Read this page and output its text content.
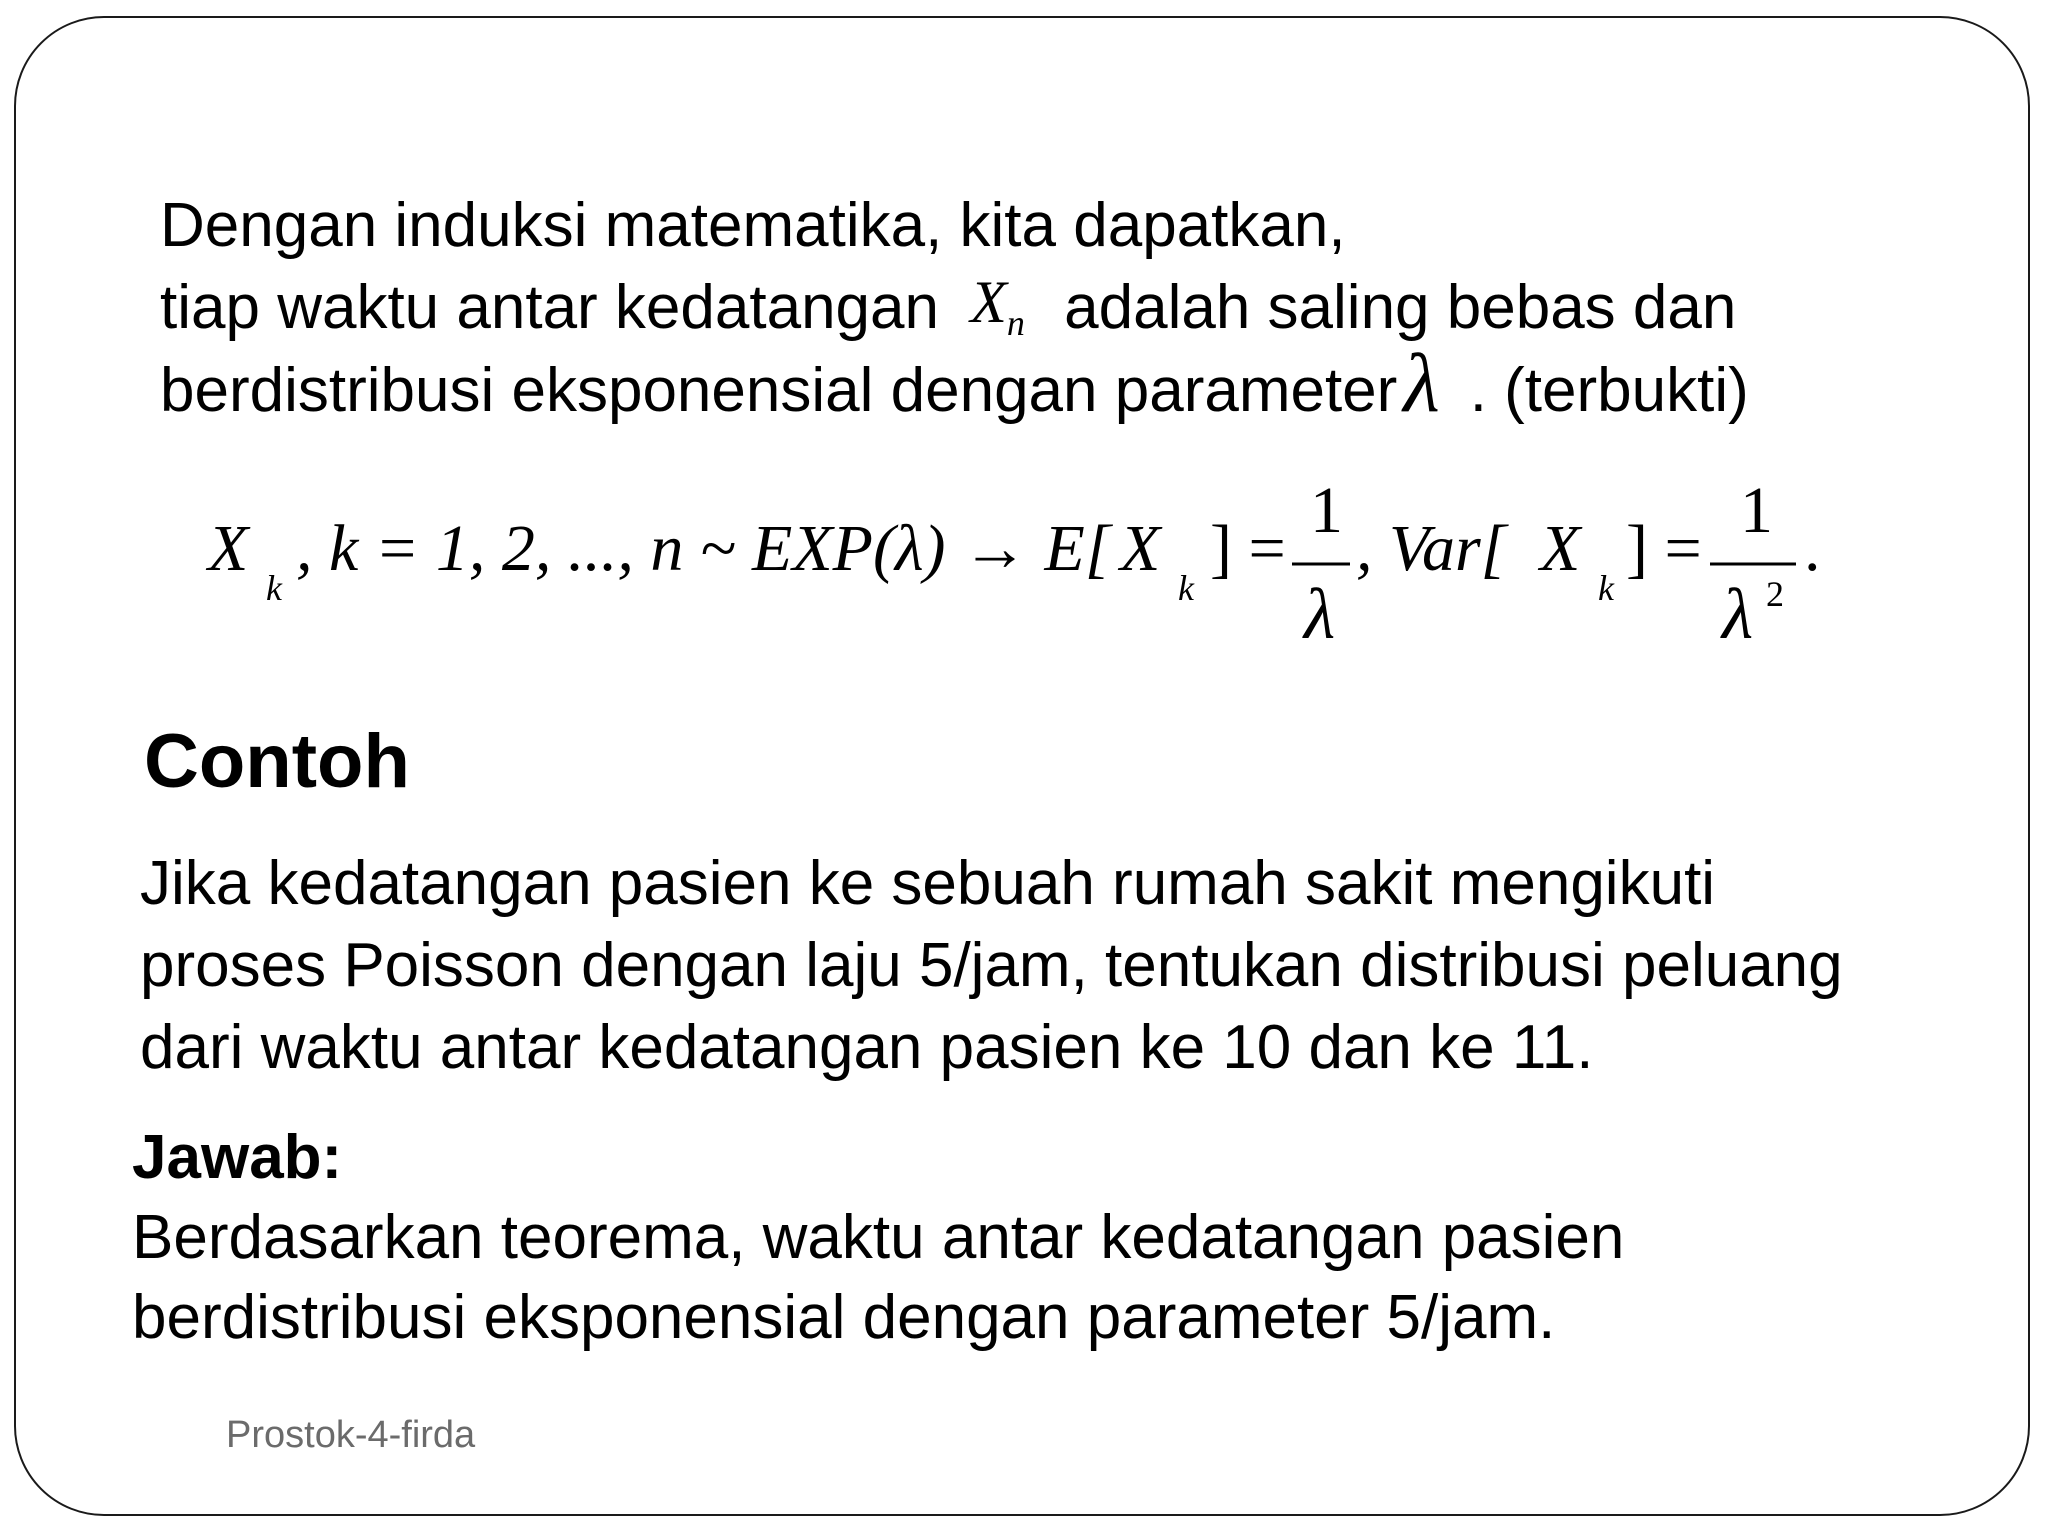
Dengan induksi matematika, kita dapatkan,
tiap waktu antar kedatangan $X_n$ adalah saling bebas dan
berdistribusi eksponensial dengan parameterλ . (terbukti)
X
k
, k = 1, 2, ..., n ~ EXP(λ) → E[ X
k
] =
1
λ
, Var[ X
k
] =
1
λ 2
.
Contoh
Jika kedatangan pasien ke sebuah rumah sakit mengikuti
proses Poisson dengan laju 5/jam, tentukan distribusi peluang
dari waktu antar kedatangan pasien ke 10 dan ke 11.
Jawab:
Berdasarkan teorema, waktu antar kedatangan pasien
berdistribusi eksponensial dengan parameter 5/jam.
Prostok-4-firda
